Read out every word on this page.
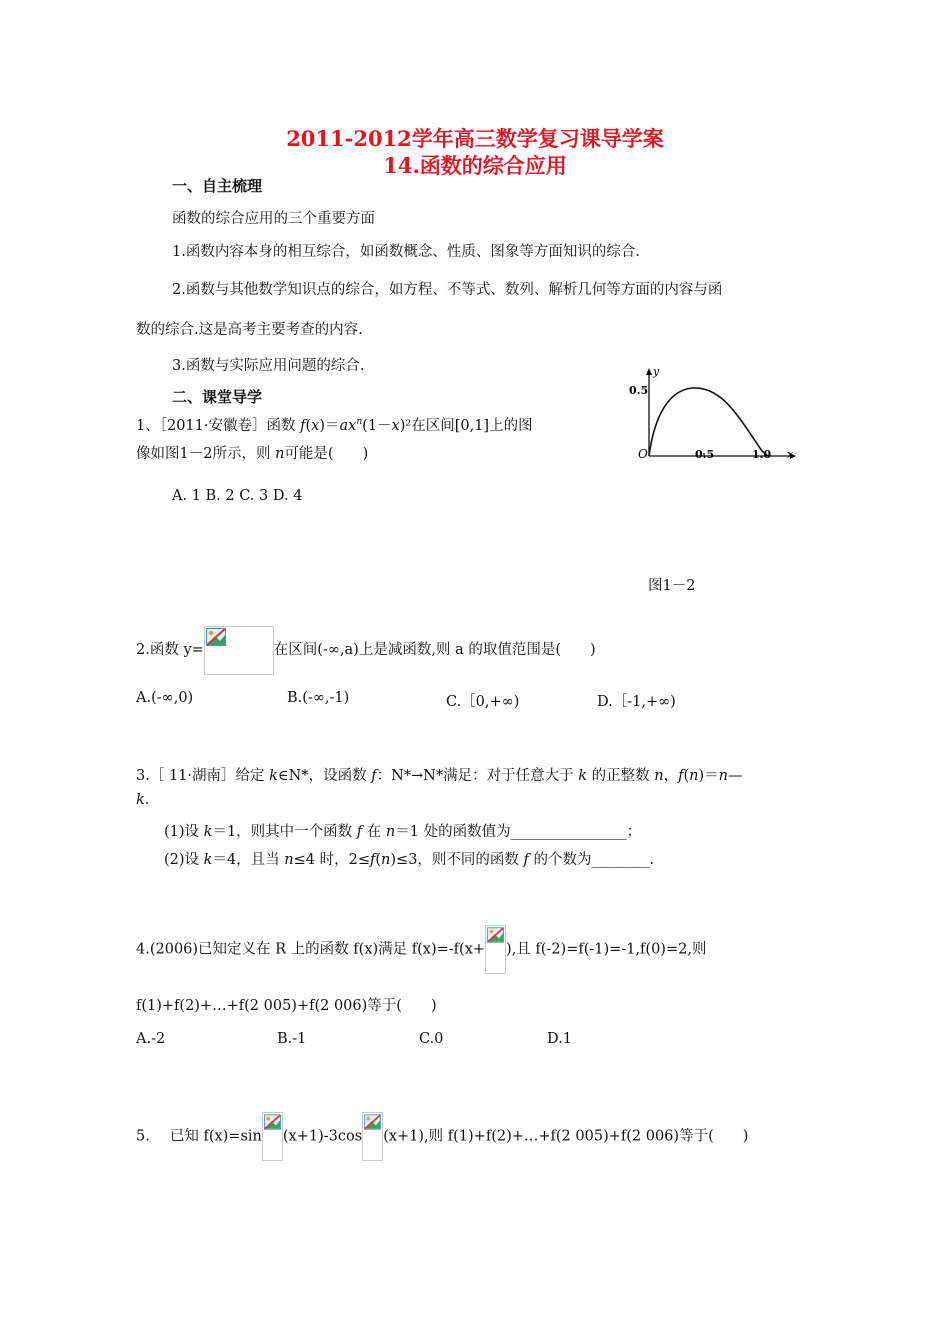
2011-2012学年高三数学复习课导学案
14.函数的综合应用
一、自主梳理
函数的综合应用的三个重要方面
1.函数内容本身的相互综合，如函数概念、性质、图象等方面知识的综合.
2.函数与其他数学知识点的综合，如方程、不等式、数列、解析几何等方面的内容与函
数的综合.这是高考主要考查的内容.
3.函数与实际应用问题的综合.
二、课堂导学
1、［2011·安徽卷］函数 $f(x)=ax^n(1-x)^2$在区间[0,1]上的图
像如图1－2所示，则 n可能是(　　)
A. 1 B. 2 C. 3 D. 4
y
0.5
O	0.5	1.0 x
图1－2
2.函数 y=	在区间(-∞,a)上是减函数,则 a 的取值范围是(　　)
A.(-∞,0)	B.(-∞,-1)	C.［0,+∞)	D.［-1,+∞)
3.［ 11·湖南］给定 k∈N*，设函数 f：N*→N*满足：对于任意大于 k 的正整数 n，f(n)＝n—
k.
(1)设 k＝1，则其中一个函数 f 在 n＝1 处的函数值为________________；
(2)设 k＝4，且当 n≤4 时，2≤f(n)≤3，则不同的函数 f 的个数为________.
4.(2006)已知定义在 R 上的函数 f(x)满足 f(x)=-f(x+ ),且 f(-2)=f(-1)=-1,f(0)=2,则
f(1)+f(2)+…+f(2 005)+f(2 006)等于(　　)
A.-2	B.-1	C.0	D.1
5. 已知 f(x)=sin (x+1)-3cos (x+1),则 f(1)+f(2)+…+f(2 005)+f(2 006)等于(　　)
